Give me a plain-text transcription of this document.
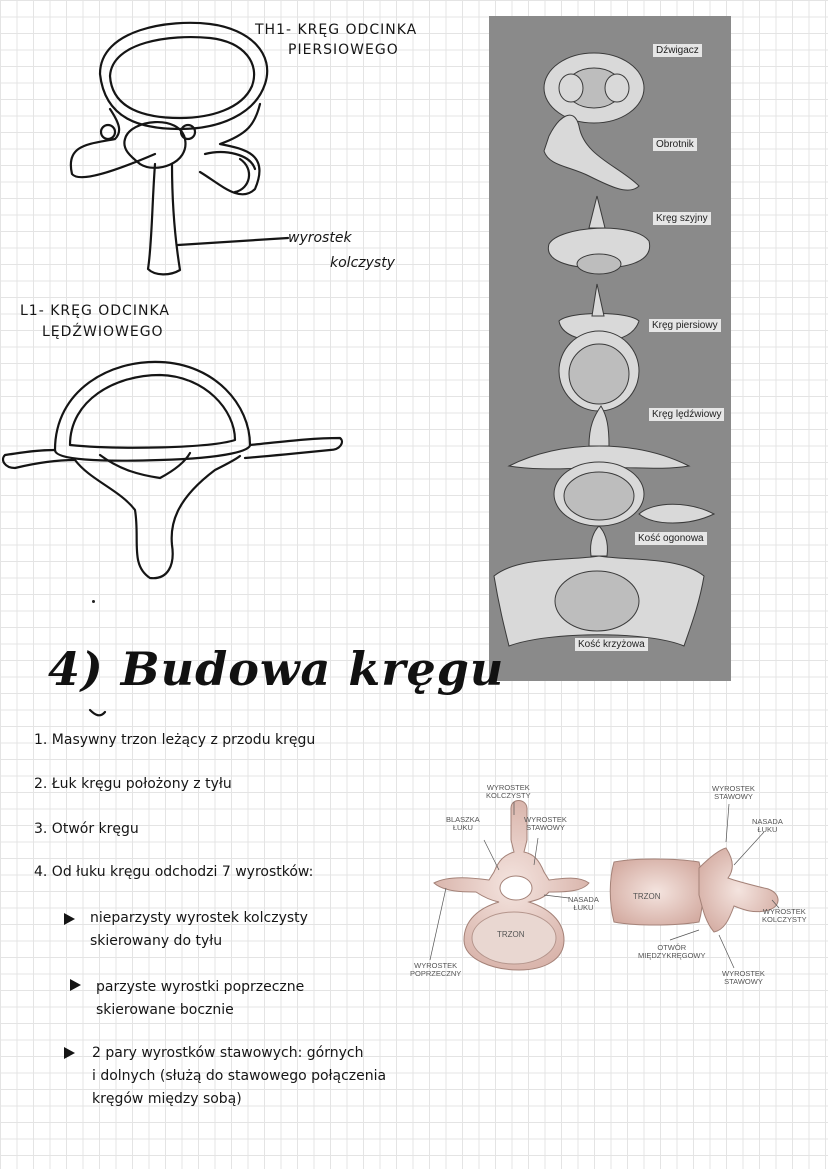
TH1- KRĘG ODCINKA
PIERSIOWEGO
wyrostek
kolczysty
L1- KRĘG ODCINKA
LĘDŹWIOWEGO
Dźwigacz
Obrotnik
Kręg szyjny
Kręg piersiowy
Kręg lędźwiowy
Kość ogonowa
Kość krzyżowa
4) Budowa kręgu
1. Masywny trzon leżący z przodu kręgu
2. Łuk kręgu położony z tyłu
3. Otwór kręgu
4. Od łuku kręgu odchodzi 7 wyrostków:
nieparzysty wyrostek kolczysty
skierowany do tyłu
parzyste wyrostki poprzeczne
skierowane bocznie
2 pary wyrostków stawowych: górnych
i dolnych (służą do stawowego połączenia
kręgów między sobą)
WYROSTEK
KOLCZYSTY
BLASZKA
ŁUKU
WYROSTEK
STAWOWY
NASADA
ŁUKU
WYROSTEK
POPRZECZNY
TRZON
WYROSTEK
STAWOWY
NASADA
ŁUKU
TRZON
WYROSTEK
KOLCZYSTY
OTWÓR
MIĘDZYKRĘGOWY
WYROSTEK
STAWOWY
